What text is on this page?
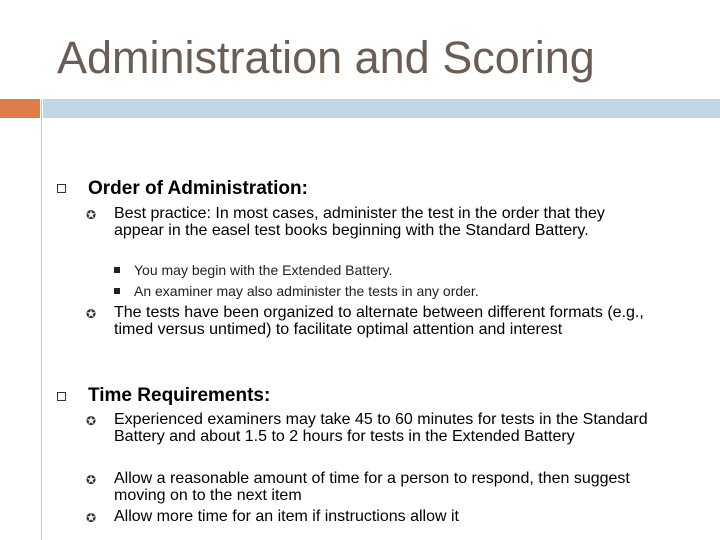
Administration and Scoring
Order of Administration:
✪ Best practice: In most cases, administer the test in the order that they appear in the easel test books beginning with the Standard Battery.
You may begin with the Extended Battery.
An examiner may also administer the tests in any order.
✪ The tests have been organized to alternate between different formats (e.g., timed versus untimed) to facilitate optimal attention and interest
Time Requirements:
✪ Experienced examiners may take 45 to 60 minutes for tests in the Standard Battery and about 1.5 to 2 hours for tests in the Extended Battery
✪ Allow a reasonable amount of time for a person to respond, then suggest moving on to the next item
✪ Allow more time for an item if instructions allow it
